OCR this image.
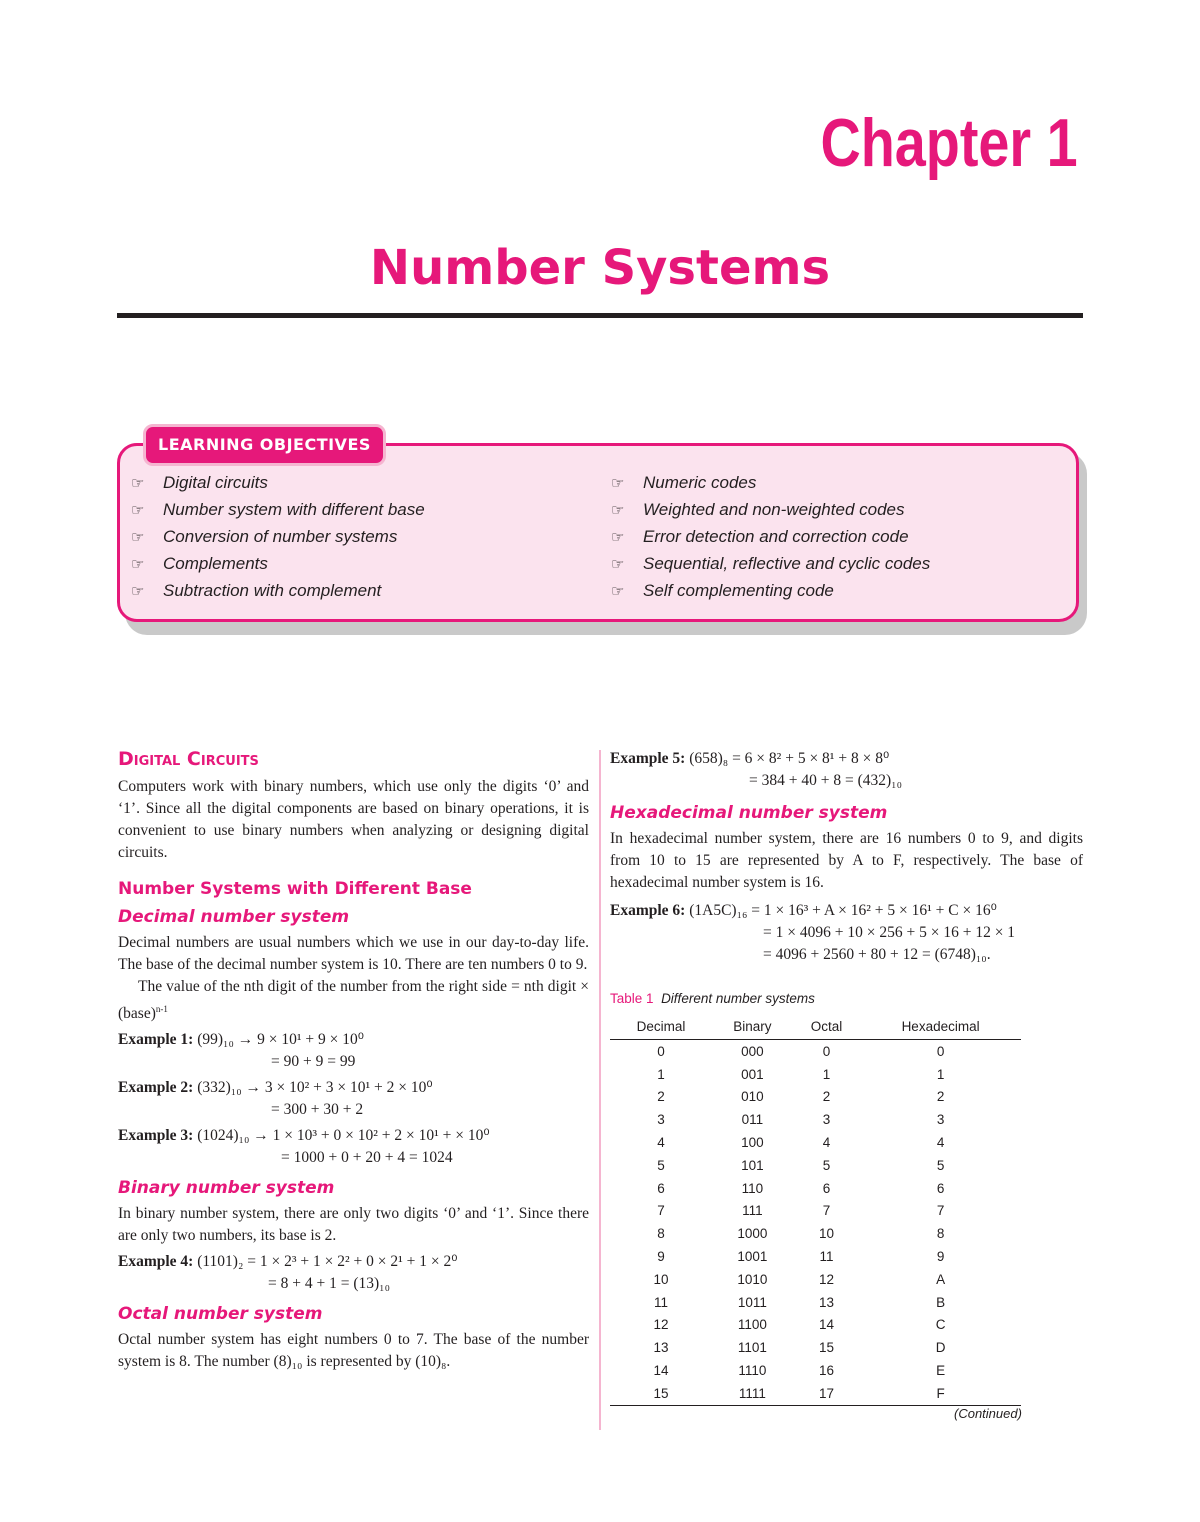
Chapter 1
Number Systems
LEARNING OBJECTIVES
☞ Digital circuits
☞ Number system with different base
☞ Conversion of number systems
☞ Complements
☞ Subtraction with complement
☞ Numeric codes
☞ Weighted and non-weighted codes
☞ Error detection and correction code
☞ Sequential, reflective and cyclic codes
☞ Self complementing code
Digital Circuits

Computers work with binary numbers, which use only the digits ‘0’ and ‘1’. Since all the digital components are based on binary operations, it is convenient to use binary numbers when analyzing or designing digital circuits.

Number Systems with Different Base
Decimal number system

Decimal numbers are usual numbers which we use in our day-to-day life. The base of the decimal number system is 10. There are ten numbers 0 to 9.

The value of the nth digit of the number from the right side = nth digit × (base)$^{n-1}$

Example 1: (99)₁₀ → 9 × 10¹ + 9 × 10⁰
= 90 + 9 = 99
Example 2: (332)₁₀ → 3 × 10² + 3 × 10¹ + 2 × 10⁰
= 300 + 30 + 2
Example 3: (1024)₁₀ → 1 × 10³ + 0 × 10² + 2 × 10¹ + × 10⁰
= 1000 + 0 + 20 + 4 = 1024
Binary number system

In binary number system, there are only two digits ‘0’ and ‘1’. Since there are only two numbers, its base is 2.

Example 4: (1101)₂ = 1 × 2³ + 1 × 2² + 0 × 2¹ + 1 × 2⁰
= 8 + 4 + 1 = (13)₁₀
Octal number system

Octal number system has eight numbers 0 to 7. The base of the number system is 8. The number (8)₁₀ is represented by (10)₈.

Example 5: (658)₈ = 6 × 8² + 5 × 8¹ + 8 × 8⁰
= 384 + 40 + 8 = (432)₁₀
Hexadecimal number system

In hexadecimal number system, there are 16 numbers 0 to 9, and digits from 10 to 15 are represented by A to F, respectively. The base of hexadecimal number system is 16.

Example 6: (1A5C)₁₆ = 1 × 16³ + A × 16² + 5 × 16¹ + C × 16⁰
= 1 × 4096 + 10 × 256 + 5 × 16 + 12 × 1
= 4096 + 2560 + 80 + 12 = (6748)₁₀.
Table 1 Different number systems
Decimal	Binary	Octal	Hexadecimal
0	000	0	0
1	001	1	1
2	010	2	2
3	011	3	3
4	100	4	4
5	101	5	5
6	110	6	6
7	111	7	7
8	1000	10	8
9	1001	11	9
10	1010	12	A
11	1011	13	B
12	1100	14	C
13	1101	15	D
14	1110	16	E
15	1111	17	F
(Continued)
